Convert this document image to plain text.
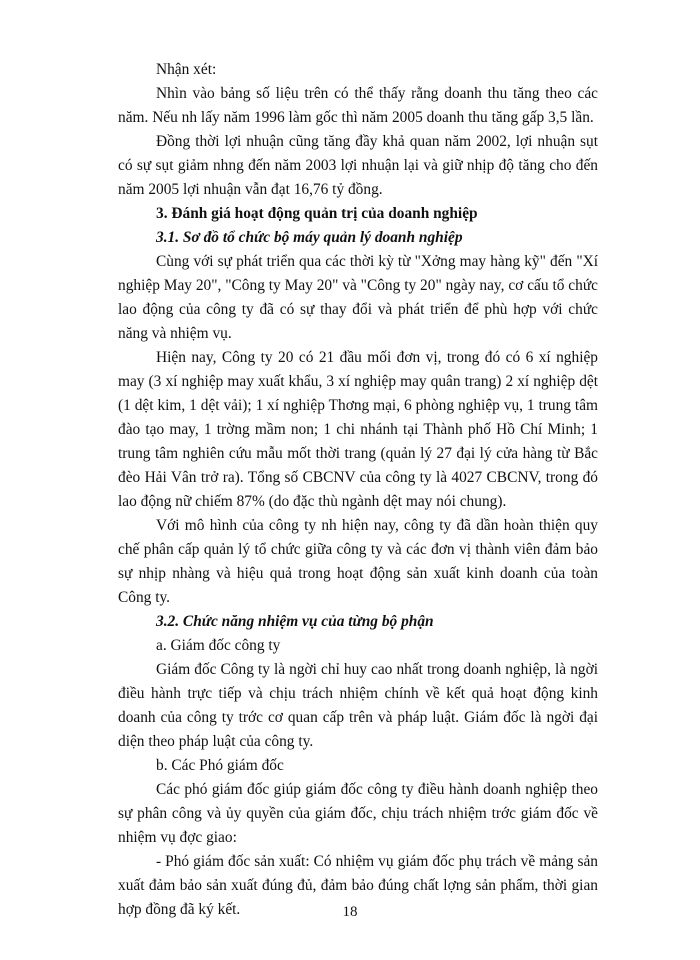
Nhận xét:

Nhìn vào bảng số liệu trên có thể thấy rằng doanh thu tăng theo các năm. Nếu nh lấy năm 1996 làm gốc thì năm 2005 doanh thu tăng gấp 3,5 lần.

Đồng thời lợi nhuận cũng tăng đầy khả quan năm 2002, lợi nhuận sụt có sự sụt giảm nhng đến năm 2003 lợi nhuận lại và giữ nhịp độ tăng cho đến năm 2005 lợi nhuận vẫn đạt 16,76 tỷ đồng.

3. Đánh giá hoạt động quản trị của doanh nghiệp

3.1. Sơ đồ tổ chức bộ máy quản lý doanh nghiệp

Cùng với sự phát triển qua các thời kỳ từ "Xởng may hàng kỹ" đến "Xí nghiệp May 20", "Công ty May 20" và "Công ty 20" ngày nay, cơ cấu tổ chức lao động của công ty đã có sự thay đổi và phát triển để phù hợp với chức năng và nhiệm vụ.

Hiện nay, Công ty 20 có 21 đầu mối đơn vị, trong đó có 6 xí nghiệp may (3 xí nghiệp may xuất khẩu, 3 xí nghiệp may quân trang) 2 xí nghiệp dệt (1 dệt kim, 1 dệt vải); 1 xí nghiệp Thơng mại, 6 phòng nghiệp vụ, 1 trung tâm đào tạo may, 1 trờng mầm non; 1 chi nhánh tại Thành phố Hồ Chí Minh; 1 trung tâm nghiên cứu mẫu mốt thời trang (quản lý 27 đại lý cửa hàng từ Bắc đèo Hải Vân trở ra). Tổng số CBCNV của công ty là 4027 CBCNV, trong đó lao động nữ chiếm 87% (do đặc thù ngành dệt may nói chung).

Với mô hình của công ty nh hiện nay, công ty đã dần hoàn thiện quy chế phân cấp quản lý tổ chức giữa công ty và các đơn vị thành viên đảm bảo sự nhịp nhàng và hiệu quả trong hoạt động sản xuất kinh doanh của toàn Công ty.

3.2. Chức năng nhiệm vụ của từng bộ phận

a. Giám đốc công ty

Giám đốc Công ty là ngời chỉ huy cao nhất trong doanh nghiệp, là ngời điều hành trực tiếp và chịu trách nhiệm chính về kết quả hoạt động kinh doanh của công ty trớc cơ quan cấp trên và pháp luật. Giám đốc là ngời đại diện theo pháp luật của công ty.

b. Các Phó giám đốc

Các phó giám đốc giúp giám đốc công ty điều hành doanh nghiệp theo sự phân công và ủy quyền của giám đốc, chịu trách nhiệm trớc giám đốc về nhiệm vụ đợc giao:

- Phó giám đốc sản xuất: Có nhiệm vụ giám đốc phụ trách về mảng sản xuất đảm bảo sản xuất đúng đủ, đảm bảo đúng chất lợng sản phẩm, thời gian hợp đồng đã ký kết.	18
